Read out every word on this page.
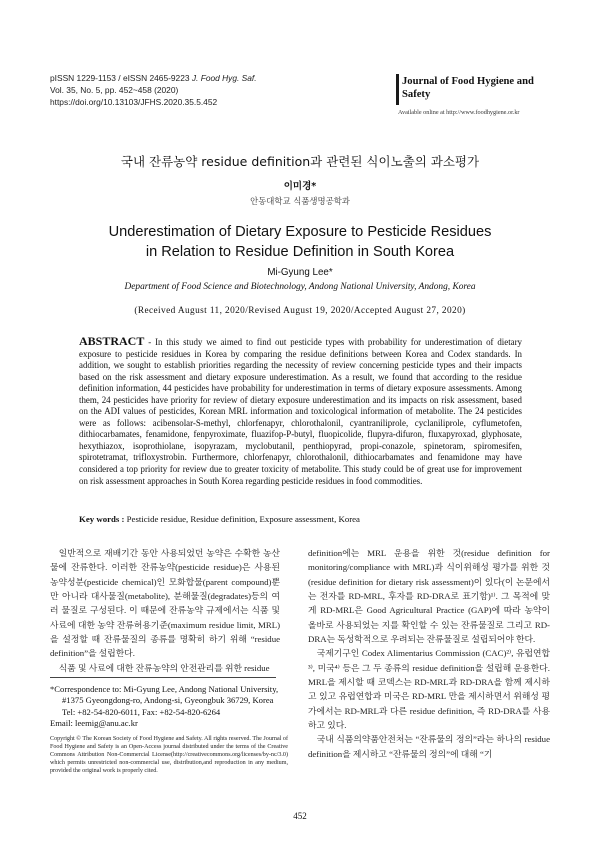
pISSN 1229-1153 / eISSN 2465-9223 J. Food Hyg. Saf.
Vol. 35, No. 5, pp. 452~458 (2020)
https://doi.org/10.13103/JFHS.2020.35.5.452
Journal of Food Hygiene and Safety
Available online at http://www.foodhygiene.or.kr
국내 잔류농약 residue definition과 관련된 식이노출의 과소평가
이미경*
안동대학교 식품생명공학과
Underestimation of Dietary Exposure to Pesticide Residues
in Relation to Residue Definition in South Korea
Mi-Gyung Lee*
Department of Food Science and Biotechnology, Andong National University, Andong, Korea
(Received August 11, 2020/Revised August 19, 2020/Accepted August 27, 2020)
ABSTRACT - In this study we aimed to find out pesticide types with probability for underestimation of dietary exposure to pesticide residues in Korea by comparing the residue definitions between Korea and Codex standards. In addition, we sought to establish priorities regarding the necessity of review concerning pesticide types and their impacts based on the risk assessment and dietary exposure underestimation. As a result, we found that according to the residue definition information, 44 pesticides have probability for underestimation in terms of dietary exposure assessments. Among them, 24 pesticides have priority for review of dietary exposure underestimation and its impacts on risk assessment, based on the ADI values of pesticides, Korean MRL information and toxicological information of metabolite. The 24 pesticides were as follows: acibensolar-S-methyl, chlorfenapyr, chlorothalonil, cyantraniliprole, cyclaniliprole, cyflumetofen, dithiocarbamates, fenamidone, fenpyroximate, fluazifop-P-butyl, fluopicolide, flupyra-difuron, fluxapyroxad, glyphosate, hexythiazox, isoprothiolane, isopyrazam, myclobutanil, penthiopyrad, propi-conazole, spinetoram, spiromesifen, spirotetramat, trifloxystrobin. Furthermore, chlorfenapyr, chlorothalonil, dithiocarbamates and fenamidone may have considered a top priority for review due to greater toxicity of metabolite. This study could be of great use for improvement on risk assessment approaches in South Korea regarding pesticide residues in food commodities.
Key words : Pesticide residue, Residue definition, Exposure assessment, Korea

일반적으로 재배기간 동안 사용되었던 농약은 수확한 농산물에 잔류한다. 이러한 잔류농약(pesticide residue)은 사용된 농약성분(pesticide chemical)인 모화합물(parent compound)뿐만 아니라 대사물질(metabolite), 분해물질(degradates)등의 여러 물질로 구성된다. 이 때문에 잔류농약 규제에서는 식품 및 사료에 대한 농약 잔류허용기준(maximum residue limit, MRL)을 설정할 때 잔류물질의 종류를 명확히 하기 위해 “residue definition”을 설립한다.

식품 및 사료에 대한 잔류농약의 안전관리를 위한 residue

*Correspondence to: Mi-Gyung Lee, Andong National University,
#1375 Gyeongdong-ro, Andong-si, Gyeongbuk 36729, Korea
Tel: +82-54-820-6011, Fax: +82-54-820-6264
Email: leemig@anu.ac.kr
Copyright © The Korean Society of Food Hygiene and Safety. All rights reserved. The Journal of Food Hygiene and Safety is an Open-Access journal distributed under the terms of the Creative Commons Attribution Non-Commercial License(http://creativecommons.org/licenses/by-nc/3.0) which permits unrestricted non-commercial use, distribution,and reproduction in any medium, provided the original work is properly cited.

definition에는 MRL 운용을 위한 것(residue definition for monitoring/compliance with MRL)과 식이위해성 평가를 위한 것(residue definition for dietary risk assessment)이 있다(이 논문에서는 전자를 RD-MRL, 후자를 RD-DRA로 표기함)¹⁾. 그 목적에 맞게 RD-MRL은 Good Agricultural Practice (GAP)에 따라 농약이 올바로 사용되었는 지를 확인할 수 있는 잔류물질로 그리고 RD-DRA는 독성학적으로 우려되는 잔류물질로 설립되어야 한다.

국제기구인 Codex Alimentarius Commission (CAC)²⁾, 유럽연합³⁾, 미국⁴⁾ 등은 그 두 종류의 residue definition을 설립해 운용한다. MRL을 제시할 때 코덱스는 RD-MRL과 RD-DRA을 함께 제시하고 있고 유럽연합과 미국은 RD-MRL 만을 제시하면서 위해성 평가에서는 RD-MRL과 다른 residue definition, 즉 RD-DRA를 사용하고 있다.

국내 식품의약품안전처는 “잔류물의 정의”라는 하나의 residue definition을 제시하고 “잔류물의 정의”에 대해 “기

452
